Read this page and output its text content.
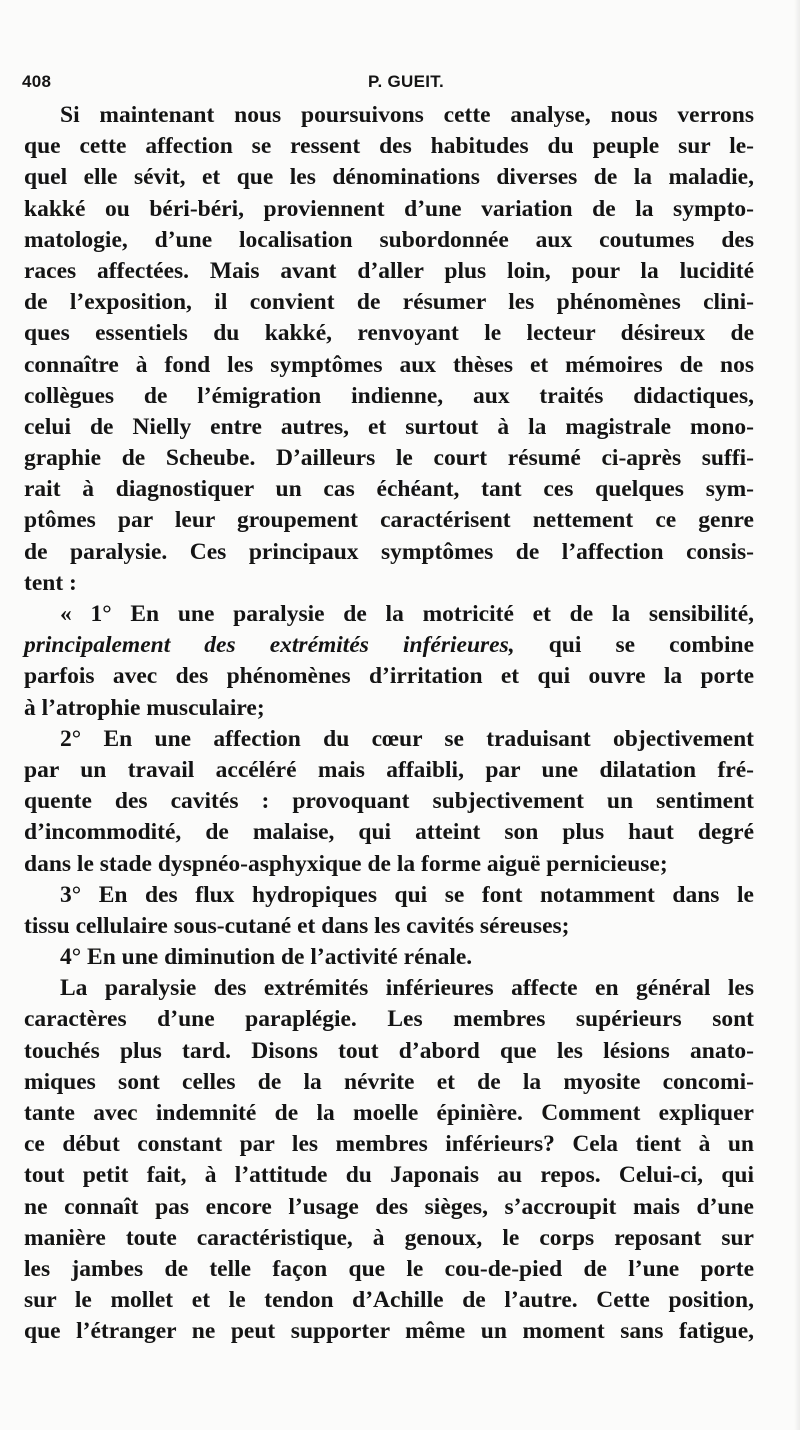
408	P. GUEIT.
Si maintenant nous poursuivons cette analyse, nous verrons
que cette affection se ressent des habitudes du peuple sur le-
quel elle sévit, et que les dénominations diverses de la maladie,
kakké ou béri-béri, proviennent d’une variation de la sympto-
matologie, d’une localisation subordonnée aux coutumes des
races affectées. Mais avant d’aller plus loin, pour la lucidité
de l’exposition, il convient de résumer les phénomènes clini-
ques essentiels du kakké, renvoyant le lecteur désireux de
connaître à fond les symptômes aux thèses et mémoires de nos
collègues de l’émigration indienne, aux traités didactiques,
celui de Nielly entre autres, et surtout à la magistrale mono-
graphie de Scheube. D’ailleurs le court résumé ci-après suffi-
rait à diagnostiquer un cas échéant, tant ces quelques sym-
ptômes par leur groupement caractérisent nettement ce genre
de paralysie. Ces principaux symptômes de l’affection consis-
tent :
« 1° En une paralysie de la motricité et de la sensibilité,
principalement des extrémités inférieures, qui se combine
parfois avec des phénomènes d’irritation et qui ouvre la porte
à l’atrophie musculaire;
2° En une affection du cœur se traduisant objectivement
par un travail accéléré mais affaibli, par une dilatation fré-
quente des cavités : provoquant subjectivement un sentiment
d’incommodité, de malaise, qui atteint son plus haut degré
dans le stade dyspnéo-asphyxique de la forme aiguë pernicieuse;
3° En des flux hydropiques qui se font notamment dans le
tissu cellulaire sous-cutané et dans les cavités séreuses;
4° En une diminution de l’activité rénale.
La paralysie des extrémités inférieures affecte en général les
caractères d’une paraplégie. Les membres supérieurs sont
touchés plus tard. Disons tout d’abord que les lésions anato-
miques sont celles de la névrite et de la myosite concomi-
tante avec indemnité de la moelle épinière. Comment expliquer
ce début constant par les membres inférieurs? Cela tient à un
tout petit fait, à l’attitude du Japonais au repos. Celui-ci, qui
ne connaît pas encore l’usage des sièges, s’accroupit mais d’une
manière toute caractéristique, à genoux, le corps reposant sur
les jambes de telle façon que le cou-de-pied de l’une porte
sur le mollet et le tendon d’Achille de l’autre. Cette position,
que l’étranger ne peut supporter même un moment sans fatigue,
